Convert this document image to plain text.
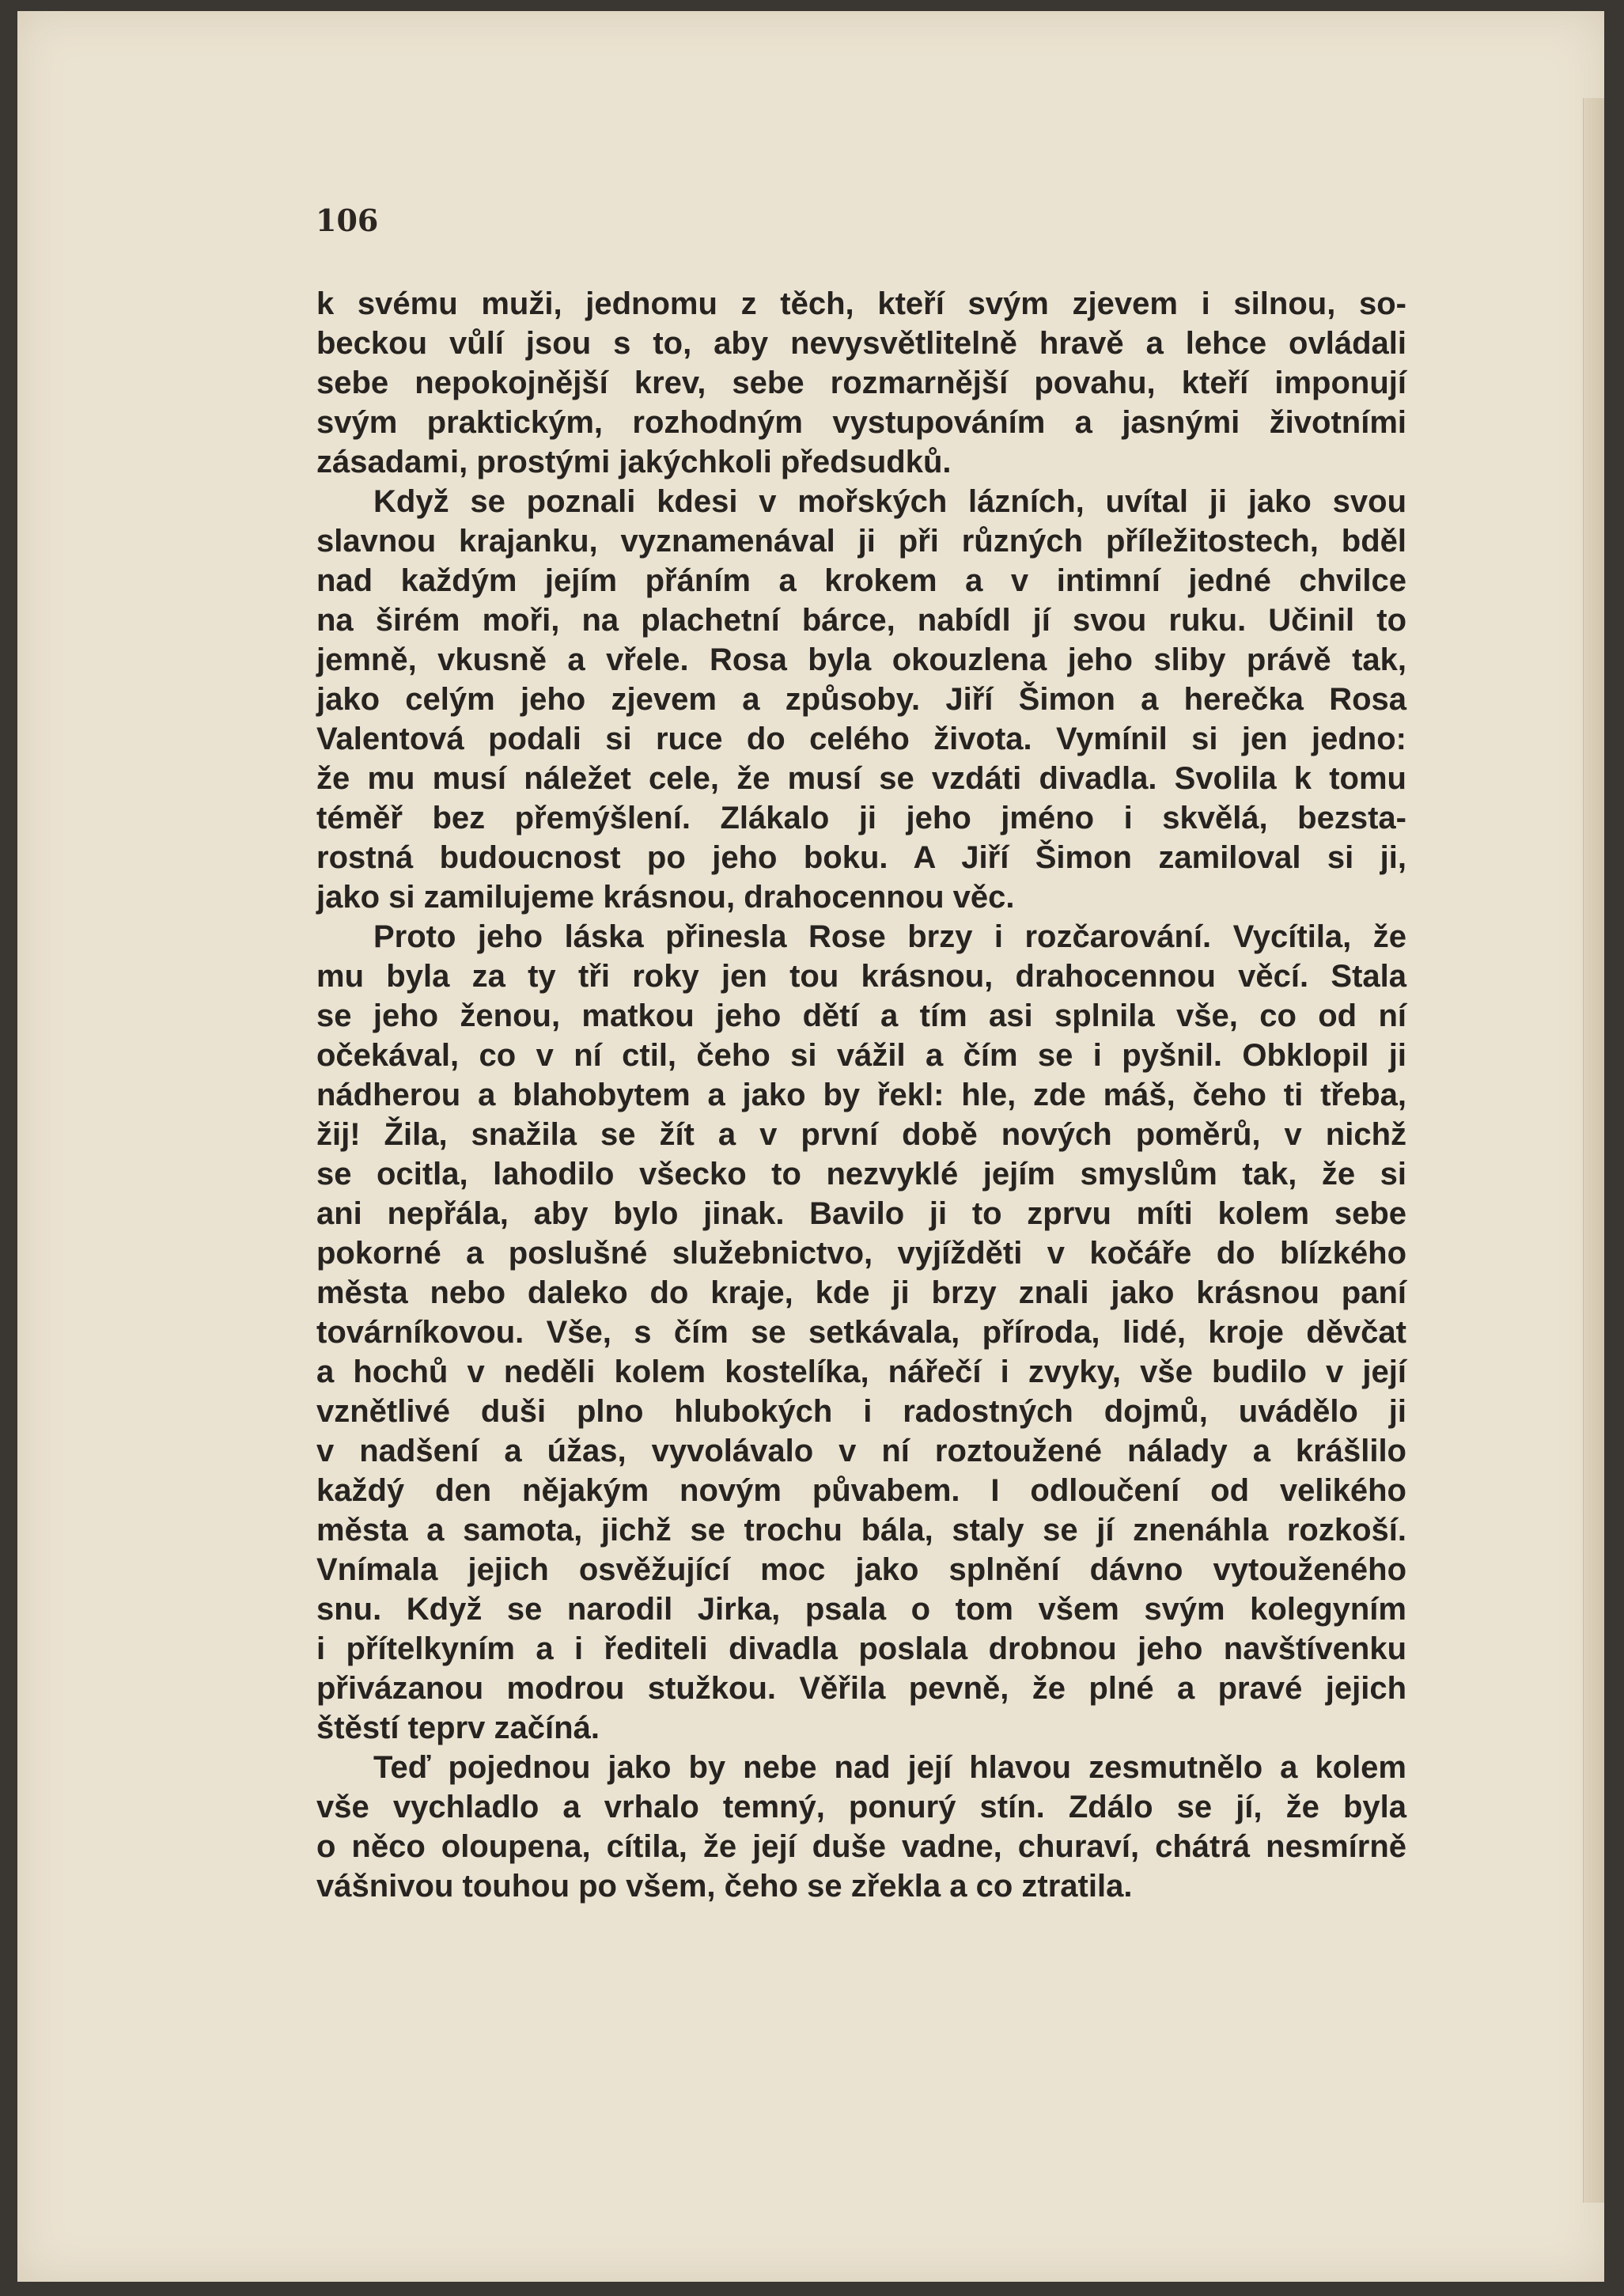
106

k svému muži, jednomu z těch, kteří svým zjevem i silnou, so-
beckou vůlí jsou s to, aby nevysvětlitelně hravě a lehce ovládali
sebe nepokojnější krev, sebe rozmarnější povahu, kteří imponují
svým praktickým, rozhodným vystupováním a jasnými životními
zásadami, prostými jakýchkoli předsudků.
Když se poznali kdesi v mořských lázních, uvítal ji jako svou
slavnou krajanku, vyznamenával ji při různých příležitostech, bděl
nad každým jejím přáním a krokem a v intimní jedné chvilce
na širém moři, na plachetní bárce, nabídl jí svou ruku. Učinil to
jemně, vkusně a vřele. Rosa byla okouzlena jeho sliby právě tak,
jako celým jeho zjevem a způsoby. Jiří Šimon a herečka Rosa
Valentová podali si ruce do celého života. Vymínil si jen jedno:
že mu musí náležet cele, že musí se vzdáti divadla. Svolila k tomu
téměř bez přemýšlení. Zlákalo ji jeho jméno i skvělá, bezsta-
rostná budoucnost po jeho boku. A Jiří Šimon zamiloval si ji,
jako si zamilujeme krásnou, drahocennou věc.
Proto jeho láska přinesla Rose brzy i rozčarování. Vycítila, že
mu byla za ty tři roky jen tou krásnou, drahocennou věcí. Stala
se jeho ženou, matkou jeho dětí a tím asi splnila vše, co od ní
očekával, co v ní ctil, čeho si vážil a čím se i pyšnil. Obklopil ji
nádherou a blahobytem a jako by řekl: hle, zde máš, čeho ti třeba,
žij! Žila, snažila se žít a v první době nových poměrů, v nichž
se ocitla, lahodilo všecko to nezvyklé jejím smyslům tak, že si
ani nepřála, aby bylo jinak. Bavilo ji to zprvu míti kolem sebe
pokorné a poslušné služebnictvo, vyjížděti v kočáře do blízkého
města nebo daleko do kraje, kde ji brzy znali jako krásnou paní
továrníkovou. Vše, s čím se setkávala, příroda, lidé, kroje děvčat
a hochů v neděli kolem kostelíka, nářečí i zvyky, vše budilo v její
vznětlivé duši plno hlubokých i radostných dojmů, uvádělo ji
v nadšení a úžas, vyvolávalo v ní roztoužené nálady a krášlilo
každý den nějakým novým půvabem. I odloučení od velikého
města a samota, jichž se trochu bála, staly se jí znenáhla rozkoší.
Vnímala jejich osvěžující moc jako splnění dávno vytouženého
snu. Když se narodil Jirka, psala o tom všem svým kolegyním
i přítelkyním a i řediteli divadla poslala drobnou jeho navštívenku
přivázanou modrou stužkou. Věřila pevně, že plné a pravé jejich
štěstí teprv začíná.
Teď pojednou jako by nebe nad její hlavou zesmutnělo a kolem
vše vychladlo a vrhalo temný, ponurý stín. Zdálo se jí, že byla
o něco oloupena, cítila, že její duše vadne, churaví, chátrá nesmírně
vášnivou touhou po všem, čeho se zřekla a co ztratila.
